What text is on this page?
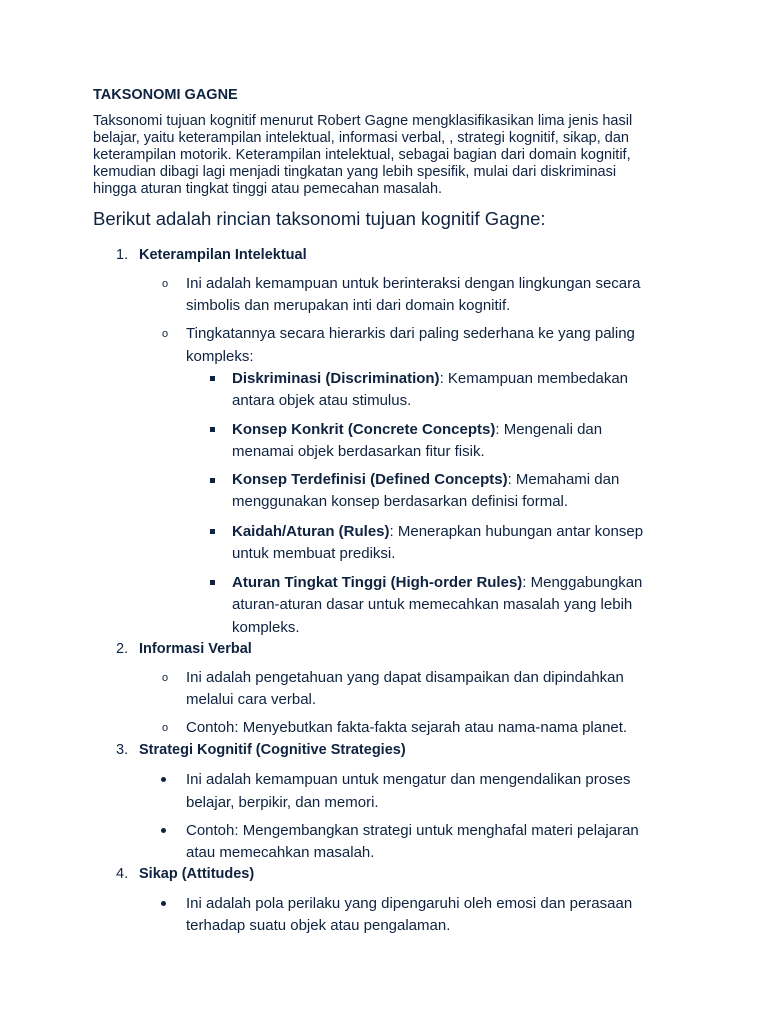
TAKSONOMI GAGNE
Taksonomi tujuan kognitif menurut Robert Gagne mengklasifikasikan lima jenis hasil
belajar, yaitu keterampilan intelektual, informasi verbal, , strategi kognitif, sikap, dan
keterampilan motorik. Keterampilan intelektual, sebagai bagian dari domain kognitif,
kemudian dibagi lagi menjadi tingkatan yang lebih spesifik, mulai dari diskriminasi
hingga aturan tingkat tinggi atau pemecahan masalah.
Berikut adalah rincian taksonomi tujuan kognitif Gagne:
1. Keterampilan Intelektual
o Ini adalah kemampuan untuk berinteraksi dengan lingkungan secara
simbolis dan merupakan inti dari domain kognitif.
o Tingkatannya secara hierarkis dari paling sederhana ke yang paling
kompleks:
Diskriminasi (Discrimination): Kemampuan membedakan
antara objek atau stimulus.
Konsep Konkrit (Concrete Concepts): Mengenali dan
menamai objek berdasarkan fitur fisik.
Konsep Terdefinisi (Defined Concepts): Memahami dan
menggunakan konsep berdasarkan definisi formal.
Kaidah/Aturan (Rules): Menerapkan hubungan antar konsep
untuk membuat prediksi.
Aturan Tingkat Tinggi (High-order Rules): Menggabungkan
aturan-aturan dasar untuk memecahkan masalah yang lebih
kompleks.
2. Informasi Verbal
o Ini adalah pengetahuan yang dapat disampaikan dan dipindahkan
melalui cara verbal.
o Contoh: Menyebutkan fakta-fakta sejarah atau nama-nama planet.
3. Strategi Kognitif (Cognitive Strategies)
Ini adalah kemampuan untuk mengatur dan mengendalikan proses
belajar, berpikir, dan memori.
Contoh: Mengembangkan strategi untuk menghafal materi pelajaran
atau memecahkan masalah.
4. Sikap (Attitudes)
Ini adalah pola perilaku yang dipengaruhi oleh emosi dan perasaan
terhadap suatu objek atau pengalaman.
